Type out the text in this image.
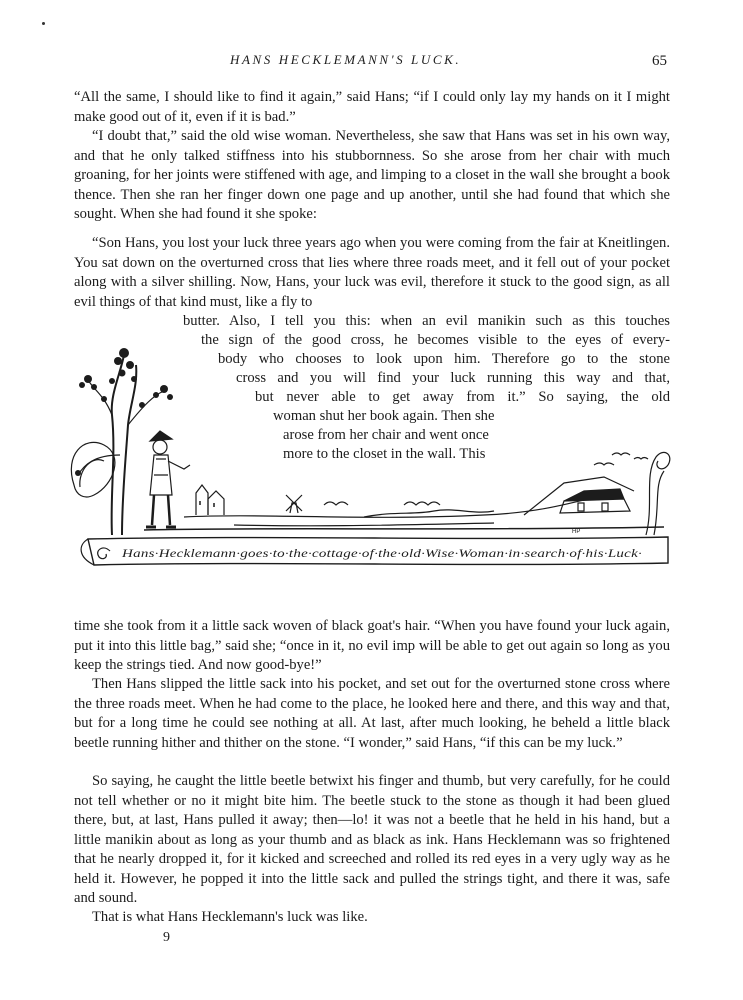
HANS HECKLEMANN'S LUCK.	65

“All the same, I should like to find it again,” said Hans; “if I could only lay my hands on it I might make good out of it, even if it is bad.”

“I doubt that,” said the old wise woman. Nevertheless, she saw that Hans was set in his own way, and that he only talked stiffness into his stubbornness. So she arose from her chair with much groaning, for her joints were stiffened with age, and limping to a closet in the wall she brought a book thence. Then she ran her finger down one page and up another, until she had found that which she sought. When she had found it she spoke:

“Son Hans, you lost your luck three years ago when you were coming from the fair at Kneitlingen. You sat down on the overturned cross that lies where three roads meet, and it fell out of your pocket along with a silver shilling. Now, Hans, your luck was evil, therefore it stuck to the good sign, as all evil things of that kind must, like a fly to

butter. Also, I tell you this: when an evil manikin such as this touches
the sign of the good cross, he becomes visible to the eyes of every-
body who chooses to look upon him. Therefore go to the stone
cross and you will find your luck running this way and that,
but never able to get away from it.” So saying, the old
woman shut her book again. Then she
arose from her chair and went once
more to the closet in the wall. This
HP
Hans·Hecklemann·goes·to·the·cottage·of·the·old·Wise·Woman·in·search·of·his·Luck·

time she took from it a little sack woven of black goat's hair. “When you have found your luck again, put it into this little bag,” said she; “once in it, no evil imp will be able to get out again so long as you keep the strings tied. And now good-bye!”

Then Hans slipped the little sack into his pocket, and set out for the overturned stone cross where the three roads meet. When he had come to the place, he looked here and there, and this way and that, but for a long time he could see nothing at all. At last, after much looking, he beheld a little black beetle running hither and thither on the stone. “I wonder,” said Hans, “if this can be my luck.”

So saying, he caught the little beetle betwixt his finger and thumb, but very carefully, for he could not tell whether or no it might bite him. The beetle stuck to the stone as though it had been glued there, but, at last, Hans pulled it away; then—lo! it was not a beetle that he held in his hand, but a little manikin about as long as your thumb and as black as ink. Hans Hecklemann was so frightened that he nearly dropped it, for it kicked and screeched and rolled its red eyes in a very ugly way as he held it. However, he popped it into the little sack and pulled the strings tight, and there it was, safe and sound.

That is what Hans Hecklemann's luck was like.

9
